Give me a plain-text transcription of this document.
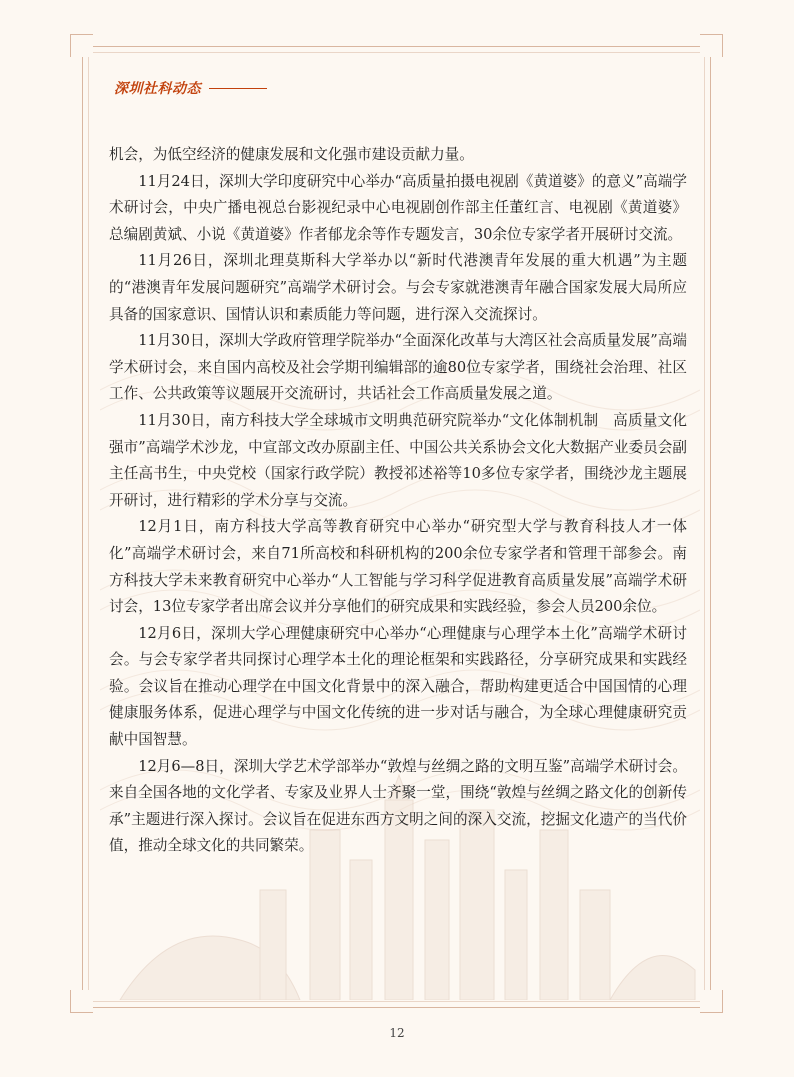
深圳社科动态

机会，为低空经济的健康发展和文化强市建设贡献力量。

11月24日，深圳大学印度研究中心举办“高质量拍摄电视剧《黄道婆》的意义”高端学术研讨会，中央广播电视总台影视纪录中心电视剧创作部主任董红言、电视剧《黄道婆》总编剧黄斌、小说《黄道婆》作者郁龙余等作专题发言，30余位专家学者开展研讨交流。

11月26日，深圳北理莫斯科大学举办以“新时代港澳青年发展的重大机遇”为主题的“港澳青年发展问题研究”高端学术研讨会。与会专家就港澳青年融合国家发展大局所应具备的国家意识、国情认识和素质能力等问题，进行深入交流探讨。

11月30日，深圳大学政府管理学院举办“全面深化改革与大湾区社会高质量发展”高端学术研讨会，来自国内高校及社会学期刊编辑部的逾80位专家学者，围绕社会治理、社区工作、公共政策等议题展开交流研讨，共话社会工作高质量发展之道。

11月30日，南方科技大学全球城市文明典范研究院举办“文化体制机制　高质量文化强市”高端学术沙龙，中宣部文改办原副主任、中国公共关系协会文化大数据产业委员会副主任高书生，中央党校（国家行政学院）教授祁述裕等10多位专家学者，围绕沙龙主题展开研讨，进行精彩的学术分享与交流。

12月1日，南方科技大学高等教育研究中心举办“研究型大学与教育科技人才一体化”高端学术研讨会，来自71所高校和科研机构的200余位专家学者和管理干部参会。南方科技大学未来教育研究中心举办“人工智能与学习科学促进教育高质量发展”高端学术研讨会，13位专家学者出席会议并分享他们的研究成果和实践经验，参会人员200余位。

12月6日，深圳大学心理健康研究中心举办“心理健康与心理学本土化”高端学术研讨会。与会专家学者共同探讨心理学本土化的理论框架和实践路径，分享研究成果和实践经验。会议旨在推动心理学在中国文化背景中的深入融合，帮助构建更适合中国国情的心理健康服务体系，促进心理学与中国文化传统的进一步对话与融合，为全球心理健康研究贡献中国智慧。

12月6—8日，深圳大学艺术学部举办“敦煌与丝绸之路的文明互鉴”高端学术研讨会。来自全国各地的文化学者、专家及业界人士齐聚一堂，围绕“敦煌与丝绸之路文化的创新传承”主题进行深入探讨。会议旨在促进东西方文明之间的深入交流，挖掘文化遗产的当代价值，推动全球文化的共同繁荣。

12
